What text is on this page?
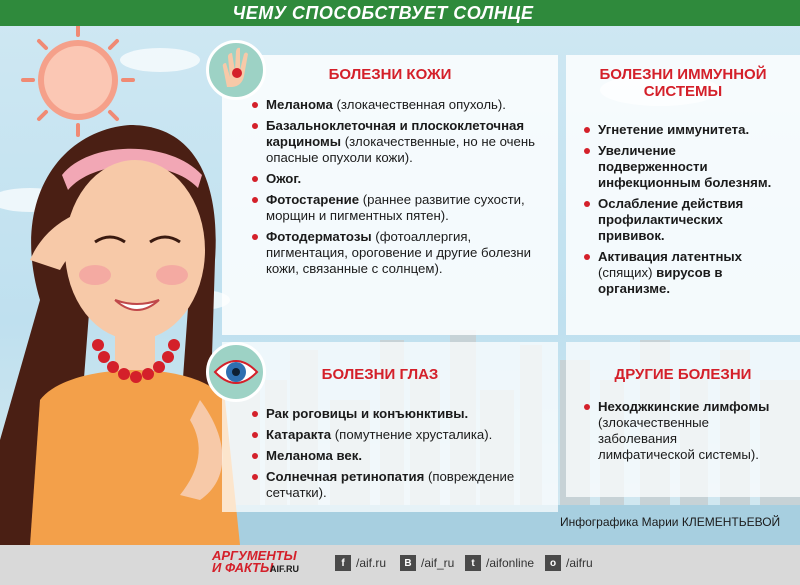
ЧЕМУ СПОСОБСТВУЕТ СОЛНЦЕ
БОЛЕЗНИ КОЖИ
Меланома (злокачественная опухоль).
Базальноклеточная и плоскоклеточная карциномы (злокачественные, но не очень опасные опухоли кожи).
Ожог.
Фотостарение (раннее развитие сухости, морщин и пигментных пятен).
Фотодерматозы (фотоаллергия, пигментация, ороговение и другие болезни кожи, связанные с солнцем).
БОЛЕЗНИ ИММУННОЙ СИСТЕМЫ
Угнетение иммунитета.
Увеличение подверженности инфекционным болезням.
Ослабление действия профилактических прививок.
Активация латентных (спящих) вирусов в организме.
БОЛЕЗНИ ГЛАЗ
Рак роговицы и конъюнктивы.
Катаракта (помутнение хрусталика).
Меланома век.
Солнечная ретинопатия (повреждение сетчатки).
ДРУГИЕ БОЛЕЗНИ
Неходжкинские лимфомы (злокачественные заболевания лимфатической системы).
Инфографика Марии КЛЕМЕНТЬЕВОЙ
АРГУМЕНТЫ
И ФАКТЫ
AIF.RU
f /aif.ru	В /aif_ru	t /aifonline	о /aifru
